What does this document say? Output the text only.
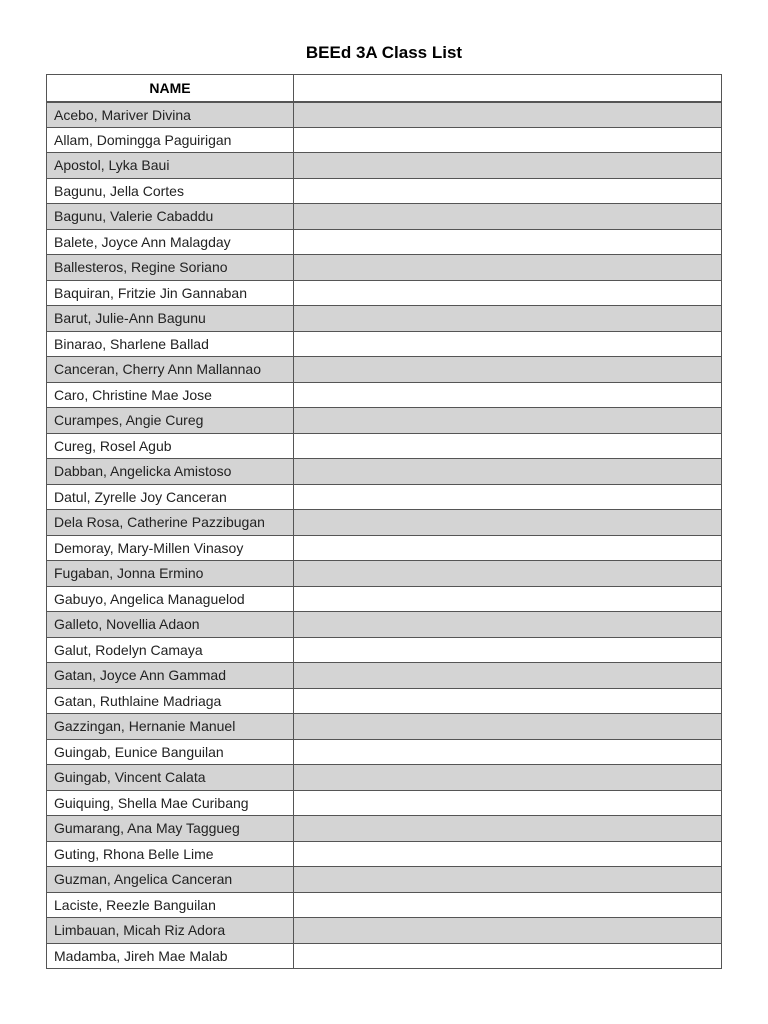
BEEd 3A Class List
NAME	
Acebo, Mariver Divina	
Allam, Domingga Paguirigan	
Apostol, Lyka Baui	
Bagunu, Jella Cortes	
Bagunu, Valerie Cabaddu	
Balete, Joyce Ann Malagday	
Ballesteros, Regine Soriano	
Baquiran, Fritzie Jin Gannaban	
Barut, Julie-Ann Bagunu	
Binarao, Sharlene Ballad	
Canceran, Cherry Ann Mallannao	
Caro, Christine Mae Jose	
Curampes, Angie Cureg	
Cureg, Rosel Agub	
Dabban, Angelicka Amistoso	
Datul, Zyrelle Joy Canceran	
Dela Rosa, Catherine Pazzibugan	
Demoray, Mary-Millen Vinasoy	
Fugaban, Jonna Ermino	
Gabuyo, Angelica Managuelod	
Galleto, Novellia Adaon	
Galut, Rodelyn Camaya	
Gatan, Joyce Ann Gammad	
Gatan, Ruthlaine Madriaga	
Gazzingan, Hernanie Manuel	
Guingab, Eunice Banguilan	
Guingab, Vincent Calata	
Guiquing, Shella Mae Curibang	
Gumarang, Ana May Taggueg	
Guting, Rhona Belle Lime	
Guzman, Angelica Canceran	
Laciste, Reezle Banguilan	
Limbauan, Micah Riz Adora	
Madamba, Jireh Mae Malab	
